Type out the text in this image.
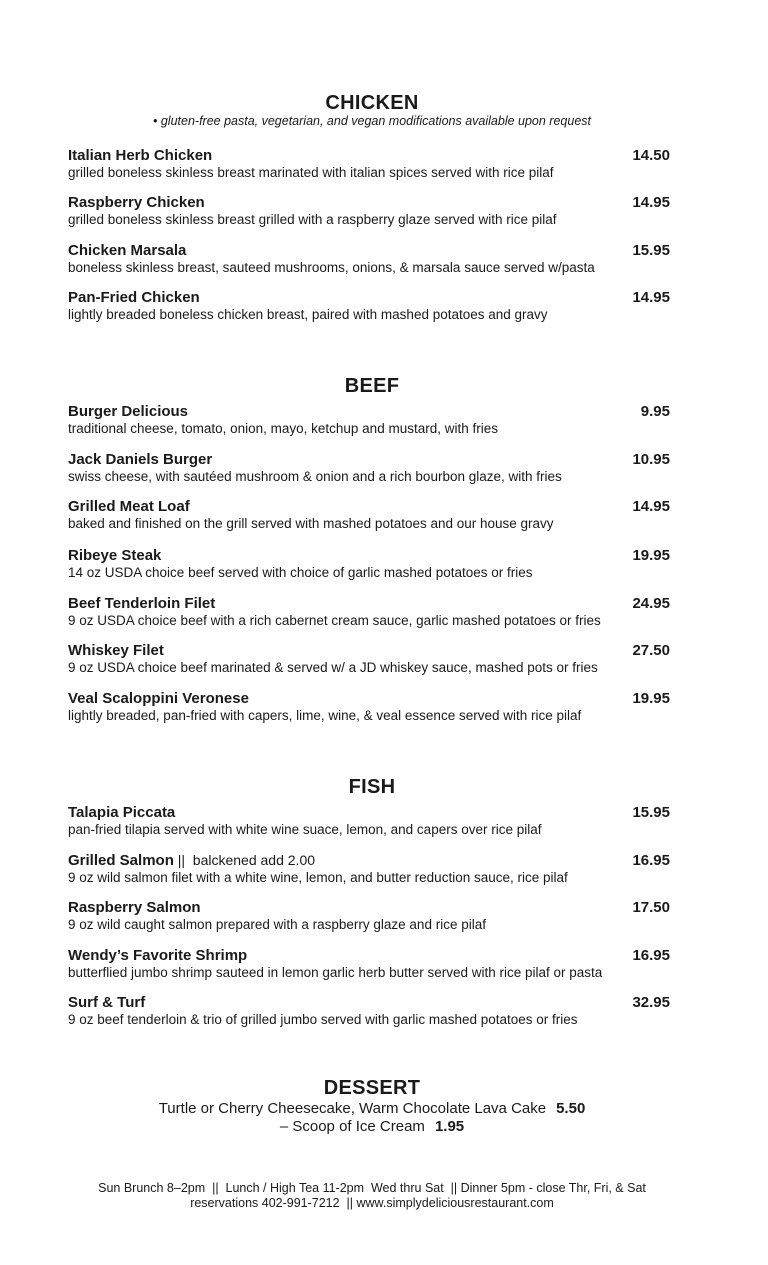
CHICKEN
• gluten-free pasta, vegetarian, and vegan modifications available upon request
Italian Herb Chicken
grilled boneless skinless breast marinated with italian spices served with rice pilaf
14.50
Raspberry Chicken
grilled boneless skinless breast grilled with a raspberry glaze served with rice pilaf
14.95
Chicken Marsala
boneless skinless breast, sauteed mushrooms, onions, & marsala sauce served w/pasta
15.95
Pan-Fried Chicken
lightly breaded boneless chicken breast, paired with mashed potatoes and gravy
14.95
BEEF
Burger Delicious
traditional cheese, tomato, onion, mayo, ketchup and mustard, with fries
9.95
Jack Daniels Burger
swiss cheese, with sautéed mushroom & onion and a rich bourbon glaze, with fries
10.95
Grilled Meat Loaf
baked and finished on the grill served with mashed potatoes and our house gravy
14.95
Ribeye Steak
14 oz USDA choice beef served with choice of garlic mashed potatoes or fries
19.95
Beef Tenderloin Filet
9 oz USDA choice beef with a rich cabernet cream sauce, garlic mashed potatoes or fries
24.95
Whiskey Filet
9 oz USDA choice beef marinated & served w/ a JD whiskey sauce, mashed pots or fries
27.50
Veal Scaloppini Veronese
lightly breaded, pan-fried with capers, lime, wine, & veal essence served with rice pilaf
19.95
FISH
Talapia Piccata
pan-fried tilapia served with white wine suace, lemon, and capers over rice pilaf
15.95
Grilled Salmon ||  balckened add 2.00
9 oz wild salmon filet with a white wine, lemon, and butter reduction sauce, rice pilaf
16.95
Raspberry Salmon
9 oz wild caught salmon prepared with a raspberry glaze and rice pilaf
17.50
Wendy’s Favorite Shrimp
butterflied jumbo shrimp sauteed in lemon garlic herb butter served with rice pilaf or pasta
16.95
Surf & Turf
9 oz beef tenderloin & trio of grilled jumbo served with garlic mashed potatoes or fries
32.95
DESSERT
Turtle or Cherry Cheesecake, Warm Chocolate Lava Cake 5.50
– Scoop of Ice Cream 1.95
Sun Brunch 8–2pm  ||  Lunch / High Tea 11-2pm  Wed thru Sat  || Dinner 5pm - close Thr, Fri, & Sat
reservations 402-991-7212  || www.simplydeliciousrestaurant.com
